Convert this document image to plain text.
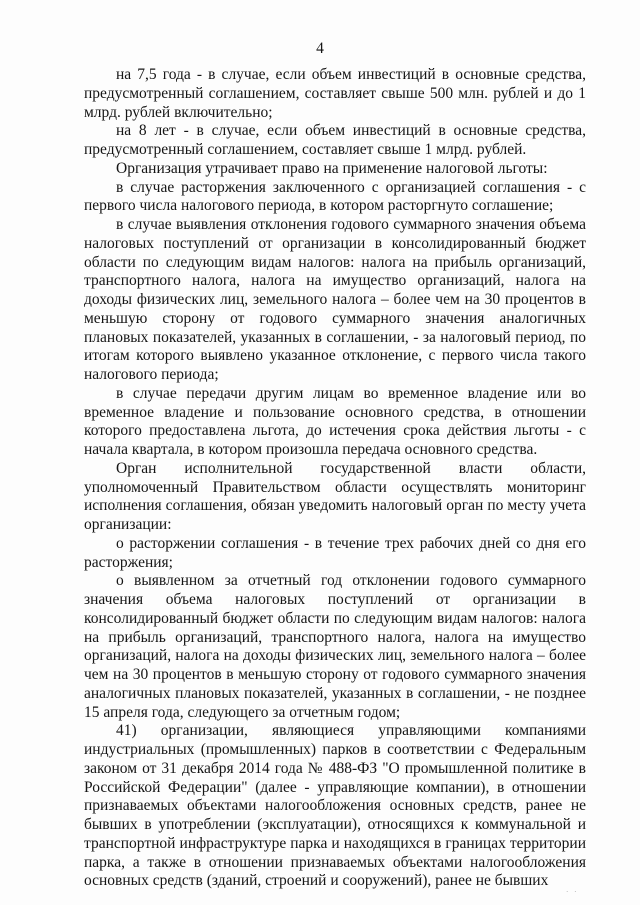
4

на 7,5 года - в случае, если объем инвестиций в основные средства, предусмотренный соглашением, составляет свыше 500 млн. рублей и до 1 млрд. рублей включительно;

на 8 лет - в случае, если объем инвестиций в основные средства, предусмотренный соглашением, составляет свыше 1 млрд. рублей.

Организация утрачивает право на применение налоговой льготы:

в случае расторжения заключенного с организацией соглашения - с первого числа налогового периода, в котором расторгнуто соглашение;

в случае выявления отклонения годового суммарного значения объема налоговых поступлений от организации в консолидированный бюджет области по следующим видам налогов: налога на прибыль организаций, транспортного налога, налога на имущество организаций, налога на доходы физических лиц, земельного налога – более чем на 30 процентов в меньшую сторону от годового суммарного значения аналогичных плановых показателей, указанных в соглашении, - за налоговый период, по итогам которого выявлено указанное отклонение, с первого числа такого налогового периода;

в случае передачи другим лицам во временное владение или во временное владение и пользование основного средства, в отношении которого предоставлена льгота, до истечения срока действия льготы - с начала квартала, в котором произошла передача основного средства.

Орган исполнительной государственной власти области, уполномоченный Правительством области осуществлять мониторинг исполнения соглашения, обязан уведомить налоговый орган по месту учета организации:

о расторжении соглашения - в течение трех рабочих дней со дня его расторжения;

о выявленном за отчетный год отклонении годового суммарного значения объема налоговых поступлений от организации в консолидированный бюджет области по следующим видам налогов: налога на прибыль организаций, транспортного налога, налога на имущество организаций, налога на доходы физических лиц, земельного налога – более чем на 30 процентов в меньшую сторону от годового суммарного значения аналогичных плановых показателей, указанных в соглашении, - не позднее 15 апреля года, следующего за отчетным годом;

41) организации, являющиеся управляющими компаниями индустриальных (промышленных) парков в соответствии с Федеральным законом от 31 декабря 2014 года № 488-ФЗ "О промышленной политике в Российской Федерации" (далее - управляющие компании), в отношении признаваемых объектами налогообложения основных средств, ранее не бывших в употреблении (эксплуатации), относящихся к коммунальной и транспортной инфраструктуре парка и находящихся в границах территории парка, а также в отношении признаваемых объектами налогообложения основных средств (зданий, строений и сооружений), ранее не бывших

· ·
